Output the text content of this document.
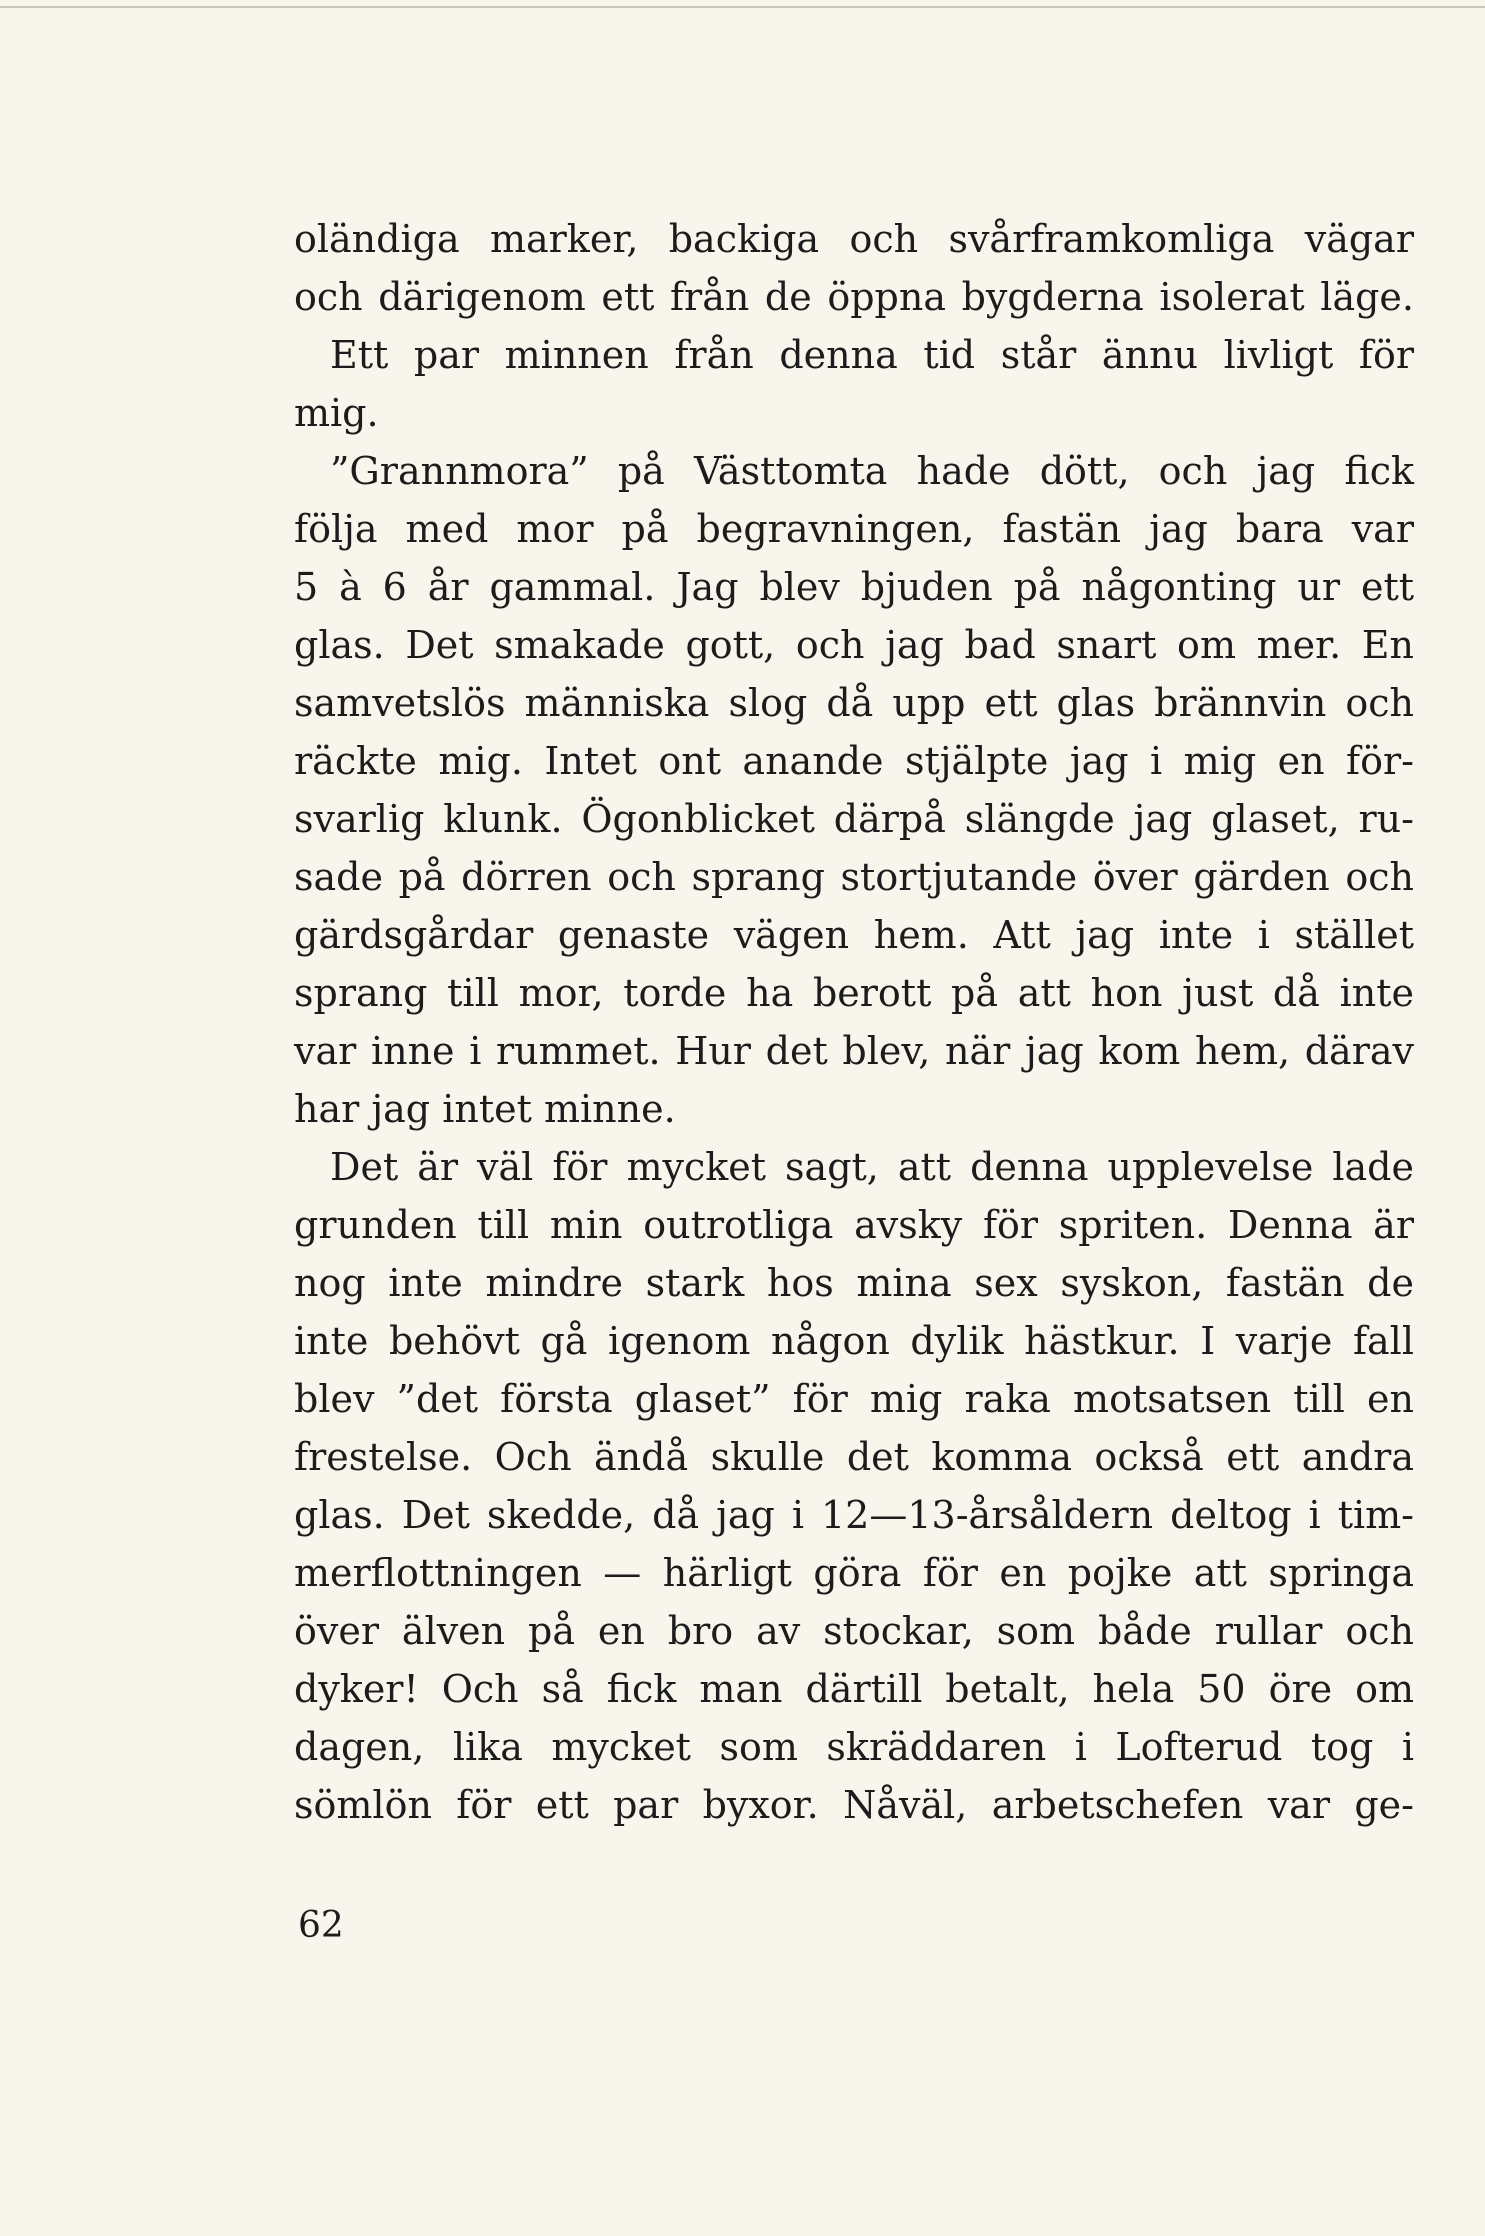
oländiga marker, backiga och svårframkomliga vägar
och därigenom ett från de öppna bygderna isolerat läge.
Ett par minnen från denna tid står ännu livligt för
mig.
”Grannmora” på Västtomta hade dött, och jag fick
följa med mor på begravningen, fastän jag bara var
5 à 6 år gammal. Jag blev bjuden på någonting ur ett
glas. Det smakade gott, och jag bad snart om mer. En
samvetslös människa slog då upp ett glas brännvin och
räckte mig. Intet ont anande stjälpte jag i mig en för-
svarlig klunk. Ögonblicket därpå slängde jag glaset, ru-
sade på dörren och sprang stortjutande över gärden och
gärdsgårdar genaste vägen hem. Att jag inte i stället
sprang till mor, torde ha berott på att hon just då inte
var inne i rummet. Hur det blev, när jag kom hem, därav
har jag intet minne.
Det är väl för mycket sagt, att denna upplevelse lade
grunden till min outrotliga avsky för spriten. Denna är
nog inte mindre stark hos mina sex syskon, fastän de
inte behövt gå igenom någon dylik hästkur. I varje fall
blev ”det första glaset” för mig raka motsatsen till en
frestelse. Och ändå skulle det komma också ett andra
glas. Det skedde, då jag i 12—13-årsåldern deltog i tim-
merflottningen — härligt göra för en pojke att springa
över älven på en bro av stockar, som både rullar och
dyker! Och så fick man därtill betalt, hela 50 öre om
dagen, lika mycket som skräddaren i Lofterud tog i
sömlön för ett par byxor. Nåväl, arbetschefen var ge-
62
